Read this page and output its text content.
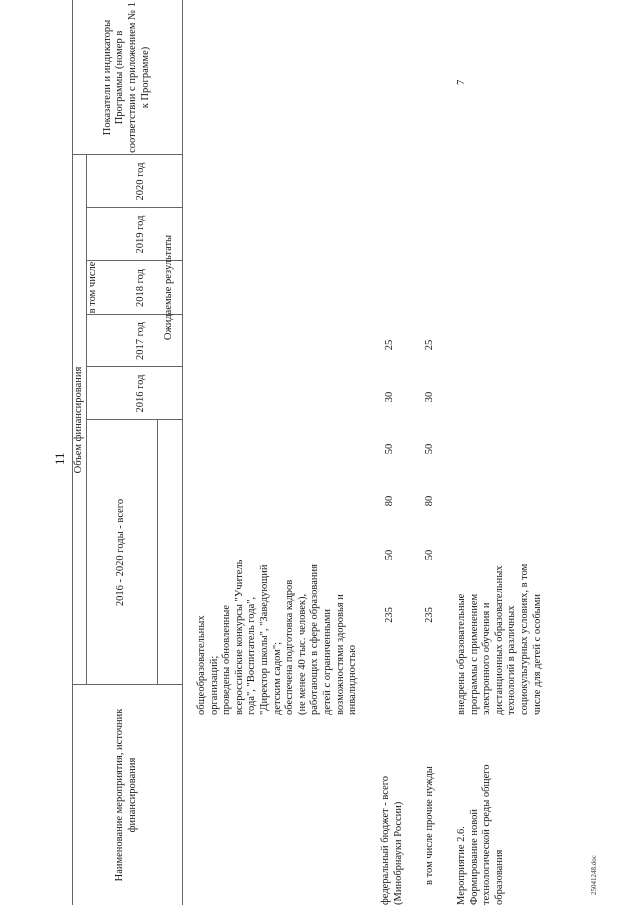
11
Наименование мероприятия, источник финансирования
Объем финансирования
2016 - 2020 годы - всего
в том числе
2016 год
2017 год
2018 год
2019 год
2020 год
Показатели и индикаторы Программы (номер в соответствии с приложением № 1 к Программе)
Ожидаемые результаты
общеобразовательных
организаций;
проведены обновленные
всероссийские конкурсы "Учитель
года", "Воспитатель года",
"Директор школы", "Заведующий
детским садом";
обеспечена подготовка кадров
(не менее 40 тыс. человек),
работающих в сфере образования
детей с ограниченными
возможностями здоровья и
инвалидностью
федеральный бюджет - всего
(Минобрнауки России)
235
50
80
50
30
25
в том числе прочие нужды
235
50
80
50
30
25
Мероприятие 2.6.
Формирование новой
технологической среды общего
образования
внедрены образовательные
программы с применением
электронного обучения и
дистанционных образовательных
технологий в различных
социокультурных условиях, в том
числе для детей с особыми
7
25041248.doc
